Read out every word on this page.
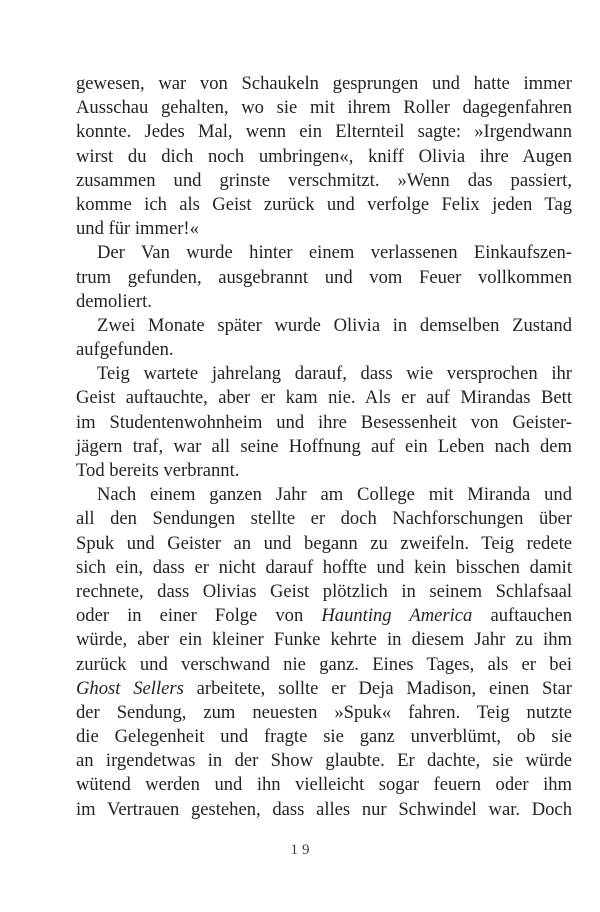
gewesen, war von Schaukeln gesprungen und hatte immer
Ausschau gehalten, wo sie mit ihrem Roller dagegenfahren
konnte. Jedes Mal, wenn ein Elternteil sagte: »Irgendwann
wirst du dich noch umbringen«, kniff Olivia ihre Augen
zusammen und grinste verschmitzt. »Wenn das passiert,
komme ich als Geist zurück und verfolge Felix jeden Tag
und für immer!«
Der Van wurde hinter einem verlassenen Einkaufszen-
trum gefunden, ausgebrannt und vom Feuer vollkommen
demoliert.
Zwei Monate später wurde Olivia in demselben Zustand
aufgefunden.
Teig wartete jahrelang darauf, dass wie versprochen ihr
Geist auftauchte, aber er kam nie. Als er auf Mirandas Bett
im Studentenwohnheim und ihre Besessenheit von Geister-
jägern traf, war all seine Hoffnung auf ein Leben nach dem
Tod bereits verbrannt.
Nach einem ganzen Jahr am College mit Miranda und
all den Sendungen stellte er doch Nachforschungen über
Spuk und Geister an und begann zu zweifeln. Teig redete
sich ein, dass er nicht darauf hoffte und kein bisschen damit
rechnete, dass Olivias Geist plötzlich in seinem Schlafsaal
oder in einer Folge von Haunting America auftauchen
würde, aber ein kleiner Funke kehrte in diesem Jahr zu ihm
zurück und verschwand nie ganz. Eines Tages, als er bei
Ghost Sellers arbeitete, sollte er Deja Madison, einen Star
der Sendung, zum neuesten »Spuk« fahren. Teig nutzte
die Gelegenheit und fragte sie ganz unverblümt, ob sie
an irgendetwas in der Show glaubte. Er dachte, sie würde
wütend werden und ihn vielleicht sogar feuern oder ihm
im Vertrauen gestehen, dass alles nur Schwindel war. Doch
19
